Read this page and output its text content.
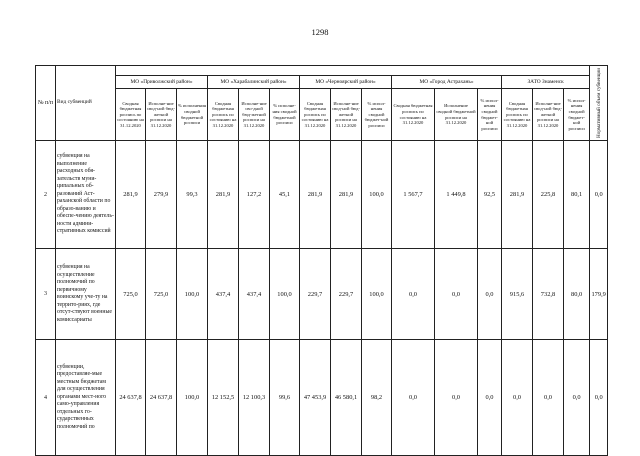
1298
№ п/п	Вид субвенций																Нормативный объем субвенции

		МО «Приволжский район»			МО «Харабалинский район»			МО «Черноярский район»			МО «Город Астрахань»			ЗАТО Знаменск			
		Сводная бюджетная роспись по состоянию на 31.12.2020	Исполне-ние свод-ной бюд-жетной росписи на 31.12.2020	% исполнения сводной бюджетной росписи	Сводная бюджетная роспись по состоянию на 31.12.2020	Исполне-ние сво-дной бюд-жетной росписи на 31.12.2020	% исполне-ния сводной бюджетной росписи	Сводная бюджетная роспись по состоянию на 31.12.2020	Исполне-ние свод-ной бюд-жетной росписи на 31.12.2020	% испол-нения сводной бюджет-ной росписи	Сводная бюджетная роспись по состоянию на 31.12.2020	Исполнение сводной бюджетной росписи на 31.12.2020	% испол-нения сводной бюджет-ной росписи	Сводная бюджетная роспись по состоянию на 31.12.2020	Исполне-ние свод-ной бюд-жетной росписи на 31.12.2020	% испол-нения сводной бюджет-ной росписи	
2	субвенция на выполнение расходных обя-зательств муни-ципальных об-разований Аст-раханской области по образо-ванию и обеспе-чению деятель-ности админи-стративных комиссий	281,9	279,9	99,3	281,9	127,2	45,1	281,9	281,9	100,0	1 567,7	1 449,8	92,5	281,9	225,8	80,1	0,0
3	субвенция на осуществление полномочий по первичному воинскому уче-ту на террито-риях, где отсут-ствуют военные комиссариаты	725,0	725,0	100,0	437,4	437,4	100,0	229,7	229,7	100,0	0,0	0,0	0,0	915,6	732,8	80,0	179,9
4	субвенции, предоставляе-мые местным бюджетам для осуществления органами мест-ного само-управления отдельных го-сударственных полномочий по	24 637,8	24 637,8	100,0	12 152,5	12 100,3	99,6	47 453,9	46 580,1	98,2	0,0	0,0	0,0	0,0	0,0	0,0	0,0
